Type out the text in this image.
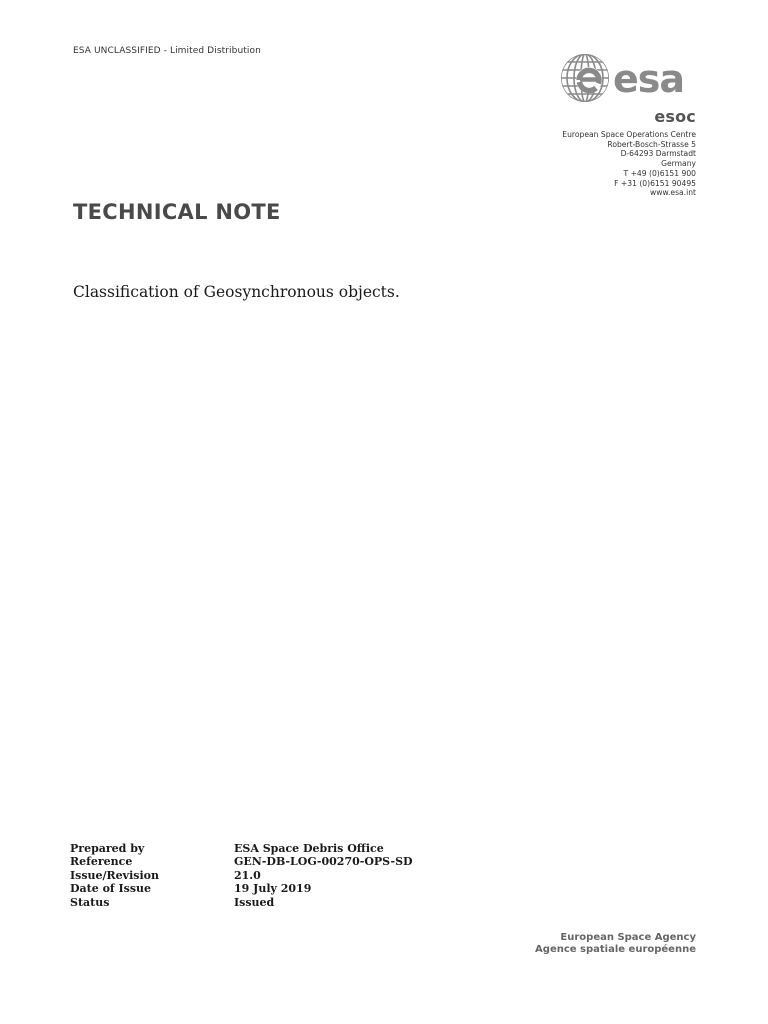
ESA UNCLASSIFIED - Limited Distribution
esa
esoc
European Space Operations Centre
Robert-Bosch-Strasse 5
D-64293 Darmstadt
Germany
T +49 (0)6151 900
F +31 (0)6151 90495
www.esa.int
TECHNICAL NOTE
Classification of Geosynchronous objects.
Prepared by	ESA Space Debris Office
Reference	GEN-DB-LOG-00270-OPS-SD
Issue/Revision	21.0
Date of Issue	19 July 2019
Status	Issued
European Space Agency
Agence spatiale européenne
